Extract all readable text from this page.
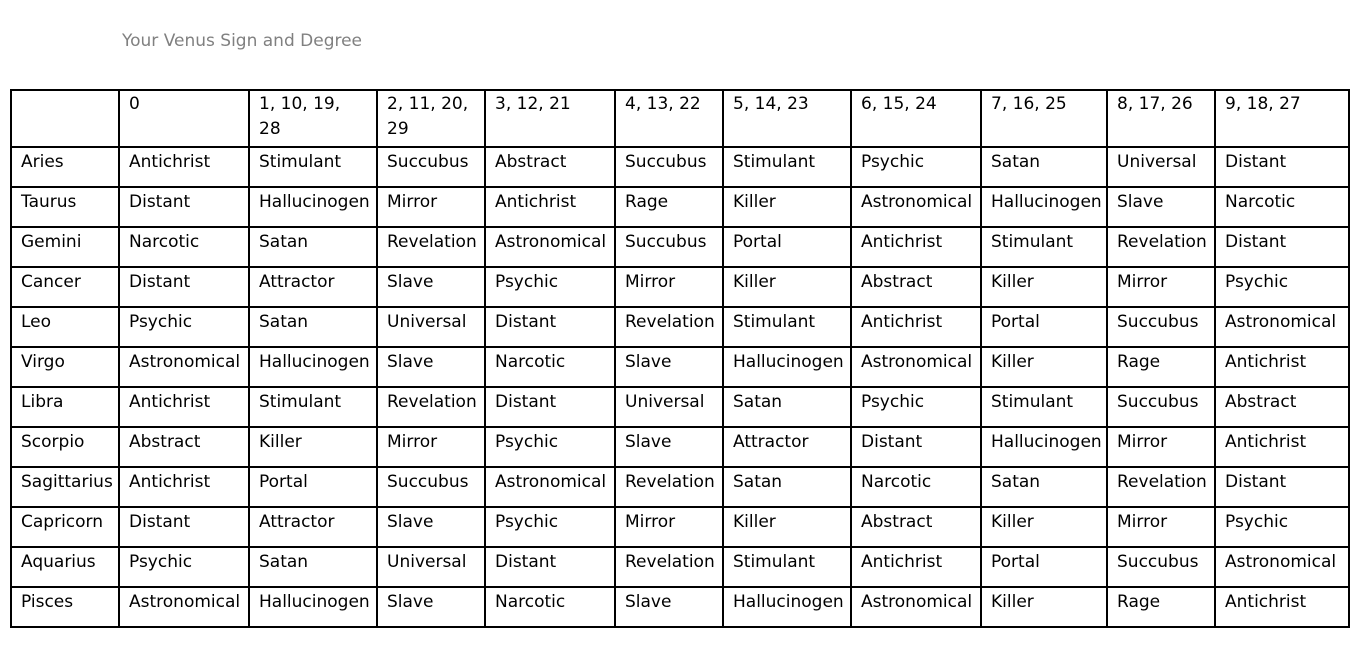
Your Venus Sign and Degree
	0	1, 10, 19, 28	2, 11, 20, 29	3, 12, 21	4, 13, 22	5, 14, 23	6, 15, 24	7, 16, 25	8, 17, 26	9, 18, 27
Aries	Antichrist	Stimulant	Succubus	Abstract	Succubus	Stimulant	Psychic	Satan	Universal	Distant
Taurus	Distant	Hallucinogen	Mirror	Antichrist	Rage	Killer	Astronomical	Hallucinogen	Slave	Narcotic
Gemini	Narcotic	Satan	Revelation	Astronomical	Succubus	Portal	Antichrist	Stimulant	Revelation	Distant
Cancer	Distant	Attractor	Slave	Psychic	Mirror	Killer	Abstract	Killer	Mirror	Psychic
Leo	Psychic	Satan	Universal	Distant	Revelation	Stimulant	Antichrist	Portal	Succubus	Astronomical
Virgo	Astronomical	Hallucinogen	Slave	Narcotic	Slave	Hallucinogen	Astronomical	Killer	Rage	Antichrist
Libra	Antichrist	Stimulant	Revelation	Distant	Universal	Satan	Psychic	Stimulant	Succubus	Abstract
Scorpio	Abstract	Killer	Mirror	Psychic	Slave	Attractor	Distant	Hallucinogen	Mirror	Antichrist
Sagittarius	Antichrist	Portal	Succubus	Astronomical	Revelation	Satan	Narcotic	Satan	Revelation	Distant
Capricorn	Distant	Attractor	Slave	Psychic	Mirror	Killer	Abstract	Killer	Mirror	Psychic
Aquarius	Psychic	Satan	Universal	Distant	Revelation	Stimulant	Antichrist	Portal	Succubus	Astronomical
Pisces	Astronomical	Hallucinogen	Slave	Narcotic	Slave	Hallucinogen	Astronomical	Killer	Rage	Antichrist
